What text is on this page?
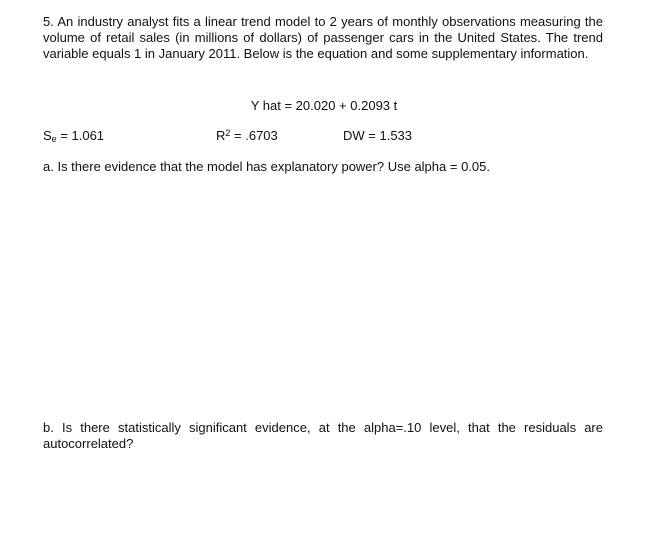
5. An industry analyst fits a linear trend model to 2 years of monthly observations measuring the volume of retail sales (in millions of dollars) of passenger cars in the United States. The trend variable equals 1 in January 2011. Below is the equation and some supplementary information.

Y hat = 20.020 + 0.2093 t

$S_e = 1.061$	$R^2 = .6703$	DW = 1.533

a. Is there evidence that the model has explanatory power? Use alpha = 0.05.

b. Is there statistically significant evidence, at the alpha=.10 level, that the residuals are autocorrelated?
